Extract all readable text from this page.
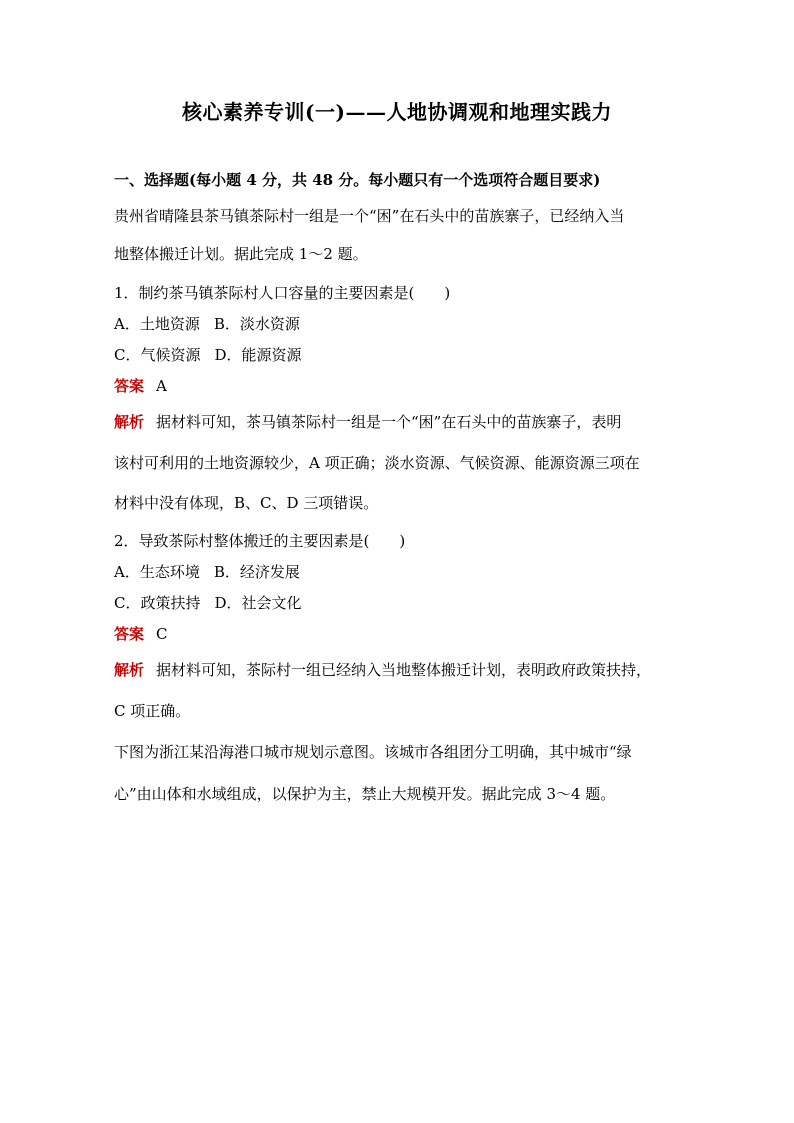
核心素养专训(一)——人地协调观和地理实践力
一、选择题(每小题 4 分，共 48 分。每小题只有一个选项符合题目要求)
贵州省晴隆县茶马镇茶际村一组是一个“困”在石头中的苗族寨子，已经纳入当
地整体搬迁计划。据此完成 1～2 题。
1．制约茶马镇茶际村人口容量的主要因素是(　　)
A．土地资源 B．淡水资源
C．气候资源 D．能源资源
答案 A
解析 据材料可知，茶马镇茶际村一组是一个“困”在石头中的苗族寨子，表明
该村可利用的土地资源较少，A 项正确；淡水资源、气候资源、能源资源三项在
材料中没有体现，B、C、D 三项错误。
2．导致茶际村整体搬迁的主要因素是(　　)
A．生态环境 B．经济发展
C．政策扶持 D．社会文化
答案 C
解析 据材料可知，茶际村一组已经纳入当地整体搬迁计划，表明政府政策扶持，
C 项正确。
下图为浙江某沿海港口城市规划示意图。该城市各组团分工明确，其中城市“绿
心”由山体和水域组成，以保护为主，禁止大规模开发。据此完成 3～4 题。
